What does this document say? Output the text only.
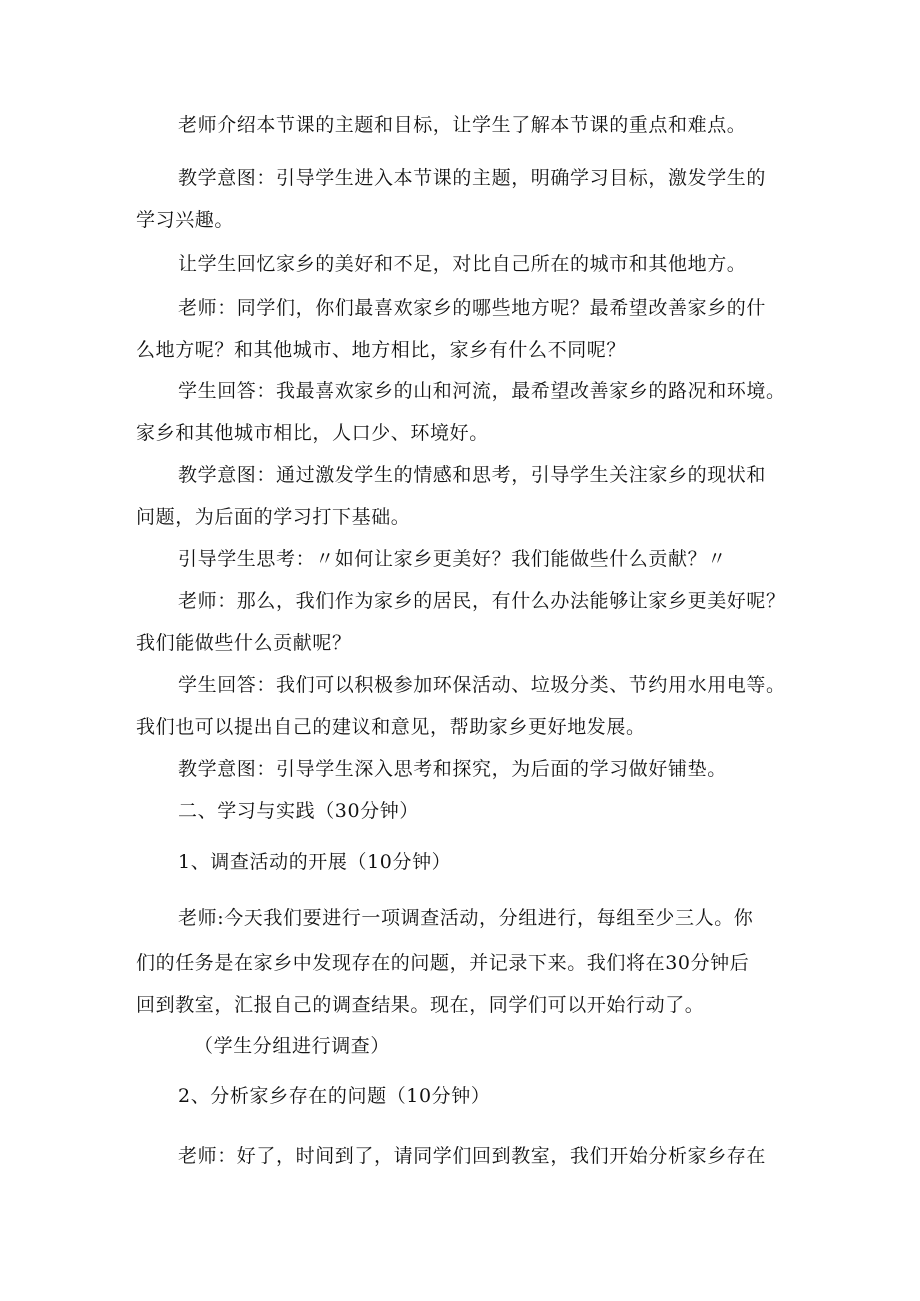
老师介绍本节课的主题和目标，让学生了解本节课的重点和难点。
教学意图：引导学生进入本节课的主题，明确学习目标，激发学生的
学习兴趣。
让学生回忆家乡的美好和不足，对比自己所在的城市和其他地方。
老师：同学们，你们最喜欢家乡的哪些地方呢？最希望改善家乡的什
么地方呢？和其他城市、地方相比，家乡有什么不同呢？
学生回答：我最喜欢家乡的山和河流，最希望改善家乡的路况和环境。
家乡和其他城市相比，人口少、环境好。
教学意图：通过激发学生的情感和思考，引导学生关注家乡的现状和
问题，为后面的学习打下基础。
引导学生思考：〃如何让家乡更美好？我们能做些什么贡献？〃
老师：那么，我们作为家乡的居民，有什么办法能够让家乡更美好呢？
我们能做些什么贡献呢？
学生回答：我们可以积极参加环保活动、垃圾分类、节约用水用电等。
我们也可以提出自己的建议和意见，帮助家乡更好地发展。
教学意图：引导学生深入思考和探究，为后面的学习做好铺垫。
二、学习与实践（30分钟）
1、调查活动的开展（10分钟）
老师:今天我们要进行一项调查活动，分组进行，每组至少三人。你
们的任务是在家乡中发现存在的问题，并记录下来。我们将在30分钟后
回到教室，汇报自己的调查结果。现在，同学们可以开始行动了。
（学生分组进行调查）
2、分析家乡存在的问题（10分钟）
老师：好了，时间到了，请同学们回到教室，我们开始分析家乡存在
